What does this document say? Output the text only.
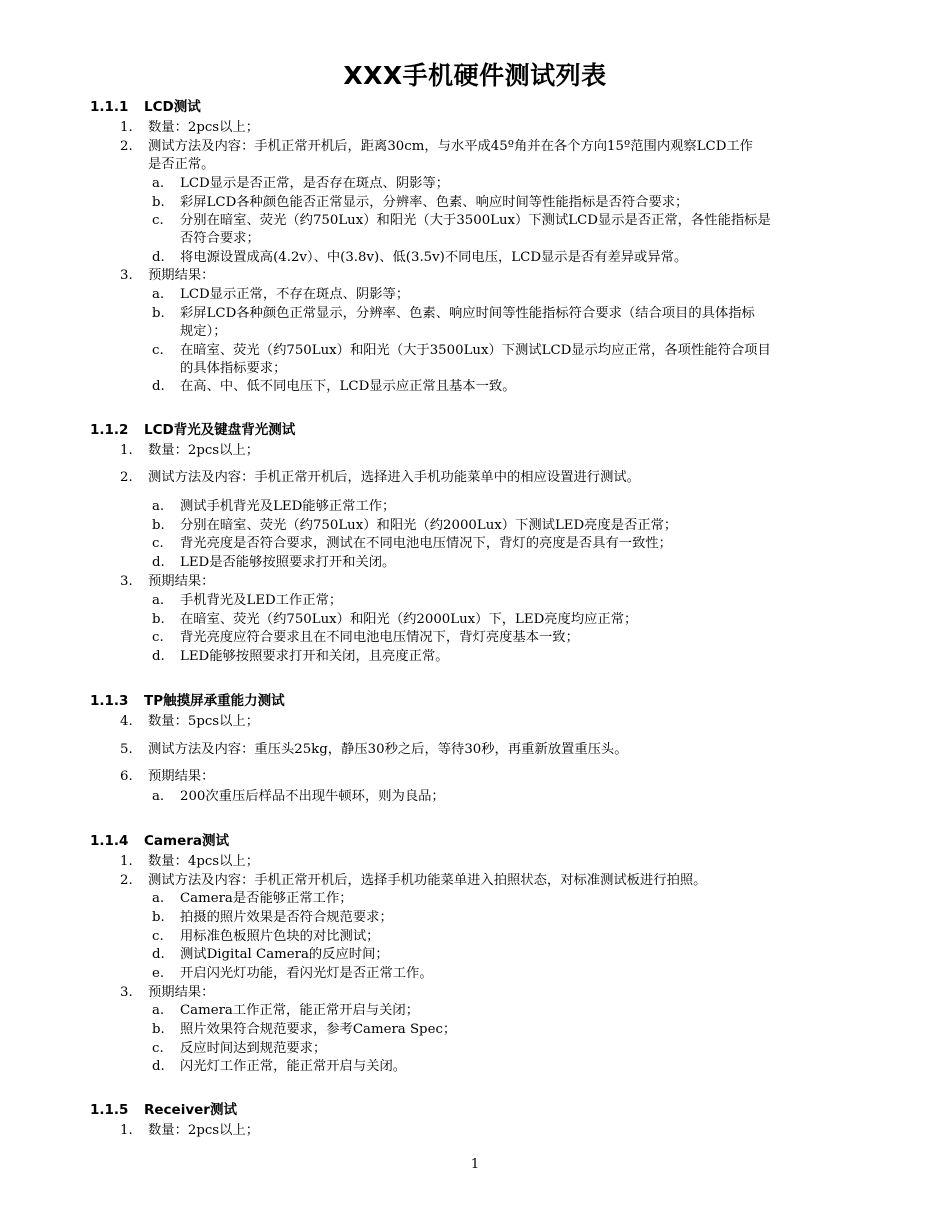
XXX手机硬件测试列表
1.1.1 LCD测试
1. 数量：2pcs以上；
2. 测试方法及内容：手机正常开机后，距离30cm，与水平成45º角并在各个方向15º范围内观察LCD工作
是否正常。
a. LCD显示是否正常，是否存在斑点、阴影等；
b. 彩屏LCD各种颜色能否正常显示，分辨率、色素、响应时间等性能指标是否符合要求；
c. 分别在暗室、荧光（约750Lux）和阳光（大于3500Lux）下测试LCD显示是否正常，各性能指标是
否符合要求；
d. 将电源设置成高(4.2v）、中(3.8v)、低(3.5v)不同电压，LCD显示是否有差异或异常。
3. 预期结果：
a. LCD显示正常，不存在斑点、阴影等；
b. 彩屏LCD各种颜色正常显示，分辨率、色素、响应时间等性能指标符合要求（结合项目的具体指标
规定）；
c. 在暗室、荧光（约750Lux）和阳光（大于3500Lux）下测试LCD显示均应正常，各项性能符合项目
的具体指标要求；
d. 在高、中、低不同电压下，LCD显示应正常且基本一致。
1.1.2 LCD背光及键盘背光测试
1. 数量：2pcs以上；
2. 测试方法及内容：手机正常开机后，选择进入手机功能菜单中的相应设置进行测试。
a. 测试手机背光及LED能够正常工作；
b. 分别在暗室、荧光（约750Lux）和阳光（约2000Lux）下测试LED亮度是否正常；
c. 背光亮度是否符合要求，测试在不同电池电压情况下，背灯的亮度是否具有一致性；
d. LED是否能够按照要求打开和关闭。
3. 预期结果：
a. 手机背光及LED工作正常；
b. 在暗室、荧光（约750Lux）和阳光（约2000Lux）下，LED亮度均应正常；
c. 背光亮度应符合要求且在不同电池电压情况下，背灯亮度基本一致；
d. LED能够按照要求打开和关闭，且亮度正常。
1.1.3 TP触摸屏承重能力测试
4. 数量：5pcs以上；
5. 测试方法及内容：重压头25kg，静压30秒之后，等待30秒，再重新放置重压头。
6. 预期结果：
a. 200次重压后样品不出现牛顿环，则为良品；
1.1.4 Camera测试
1. 数量：4pcs以上；
2. 测试方法及内容：手机正常开机后，选择手机功能菜单进入拍照状态，对标准测试板进行拍照。
a. Camera是否能够正常工作；
b. 拍摄的照片效果是否符合规范要求；
c. 用标准色板照片色块的对比测试；
d. 测试Digital Camera的反应时间；
e. 开启闪光灯功能，看闪光灯是否正常工作。
3. 预期结果：
a. Camera工作正常，能正常开启与关闭；
b. 照片效果符合规范要求，参考Camera Spec；
c. 反应时间达到规范要求；
d. 闪光灯工作正常，能正常开启与关闭。
1.1.5 Receiver测试
1. 数量：2pcs以上；
1
